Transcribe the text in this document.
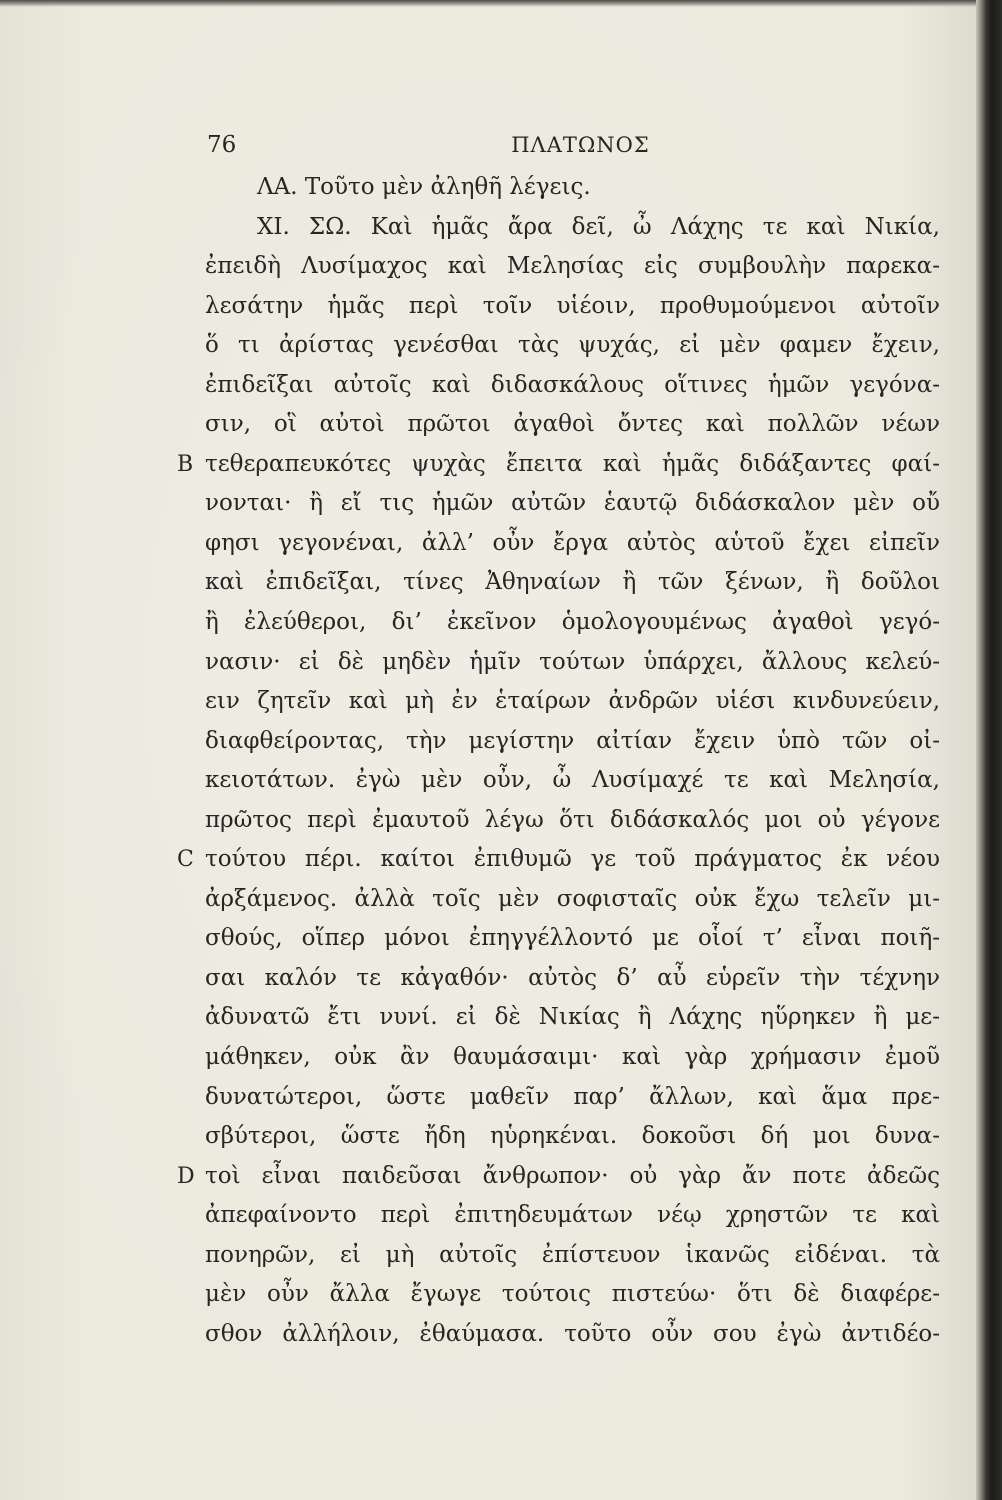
76	ΠΛΑΤΩΝΟΣ
ΛΑ. Τοῦτο μὲν ἀληθῆ λέγεις.
XI. ΣΩ. Καὶ ἡμᾶς ἄρα δεῖ, ὦ Λάχης τε καὶ Νικία,
ἐπειδὴ Λυσίμαχος καὶ Μελησίας εἰς συμβουλὴν παρεκα-
λεσάτην ἡμᾶς περὶ τοῖν υἱέοιν, προθυμούμενοι αὐτοῖν
ὅ τι ἀρίστας γενέσθαι τὰς ψυχάς, εἰ μὲν φαμεν ἔχειν,
ἐπιδεῖξαι αὐτοῖς καὶ διδασκάλους οἵτινες ἡμῶν γεγόνα-
σιν, οἳ αὐτοὶ πρῶτοι ἀγαθοὶ ὄντες καὶ πολλῶν νέων
B τεθεραπευκότες ψυχὰς ἔπειτα καὶ ἡμᾶς διδάξαντες φαί-
νονται· ἢ εἴ τις ἡμῶν αὐτῶν ἑαυτῷ διδάσκαλον μὲν οὔ
φησι γεγονέναι, ἀλλ’ οὖν ἔργα αὐτὸς αὑτοῦ ἔχει εἰπεῖν
καὶ ἐπιδεῖξαι, τίνες Ἀθηναίων ἢ τῶν ξένων, ἢ δοῦλοι
ἢ ἐλεύθεροι, δι’ ἐκεῖνον ὁμολογουμένως ἀγαθοὶ γεγό-
νασιν· εἰ δὲ μηδὲν ἡμῖν τούτων ὑπάρχει, ἄλλους κελεύ-
ειν ζητεῖν καὶ μὴ ἐν ἑταίρων ἀνδρῶν υἱέσι κινδυνεύειν,
διαφθείροντας, τὴν μεγίστην αἰτίαν ἔχειν ὑπὸ τῶν οἰ-
κειοτάτων. ἐγὼ μὲν οὖν, ὦ Λυσίμαχέ τε καὶ Μελησία,
πρῶτος περὶ ἐμαυτοῦ λέγω ὅτι διδάσκαλός μοι οὐ γέγονε
C τούτου πέρι. καίτοι ἐπιθυμῶ γε τοῦ πράγματος ἐκ νέου
ἀρξάμενος. ἀλλὰ τοῖς μὲν σοφισταῖς οὐκ ἔχω τελεῖν μι-
σθούς, οἵπερ μόνοι ἐπηγγέλλοντό με οἷοί τ’ εἶναι ποιῆ-
σαι καλόν τε κἀγαθόν· αὐτὸς δ’ αὖ εὑρεῖν τὴν τέχνην
ἀδυνατῶ ἔτι νυνί. εἰ δὲ Νικίας ἢ Λάχης ηὕρηκεν ἢ με-
μάθηκεν, οὐκ ἂν θαυμάσαιμι· καὶ γὰρ χρήμασιν ἐμοῦ
δυνατώτεροι, ὥστε μαθεῖν παρ’ ἄλλων, καὶ ἅμα πρε-
σβύτεροι, ὥστε ἤδη ηὑρηκέναι. δοκοῦσι δή μοι δυνα-
D τοὶ εἶναι παιδεῦσαι ἄνθρωπον· οὐ γὰρ ἄν ποτε ἀδεῶς
ἀπεφαίνοντο περὶ ἐπιτηδευμάτων νέῳ χρηστῶν τε καὶ
πονηρῶν, εἰ μὴ αὐτοῖς ἐπίστευον ἱκανῶς εἰδέναι. τὰ
μὲν οὖν ἄλλα ἔγωγε τούτοις πιστεύω· ὅτι δὲ διαφέρε-
σθον ἀλλήλοιν, ἐθαύμασα. τοῦτο οὖν σου ἐγὼ ἀντιδέο-
